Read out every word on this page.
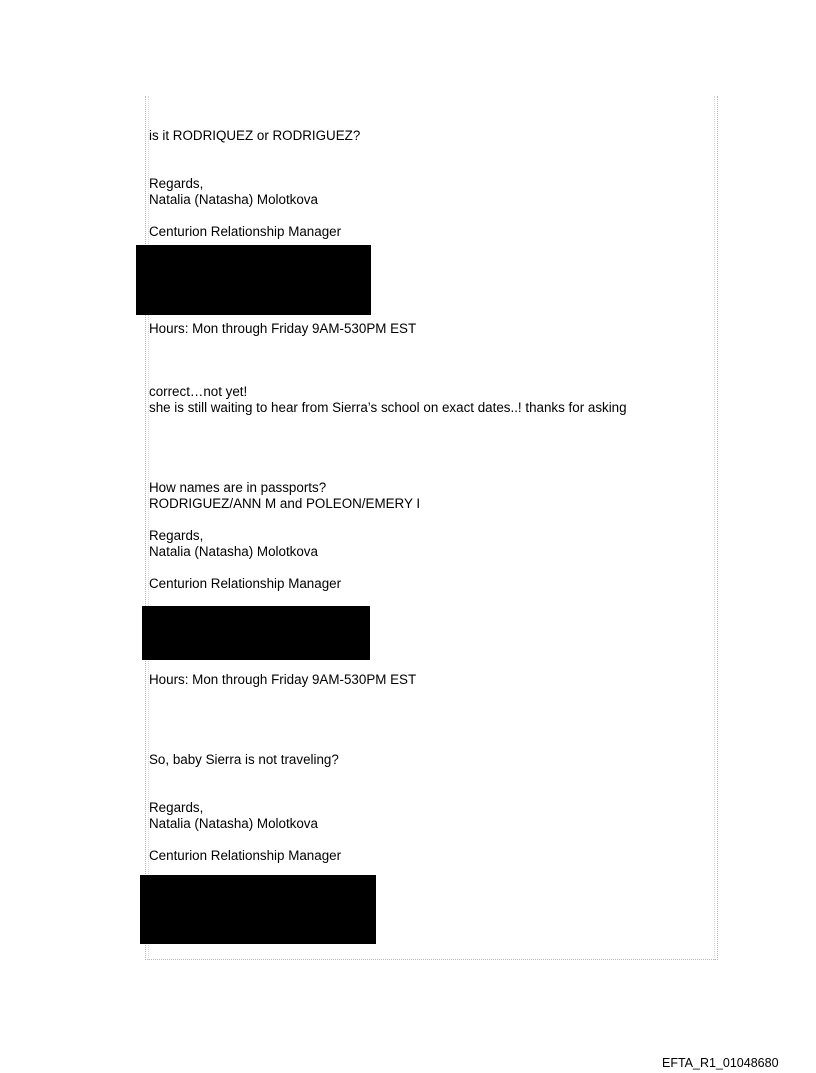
is it RODRIQUEZ or RODRIGUEZ?
Regards,
Natalia (Natasha) Molotkova
Centurion Relationship Manager
Hours: Mon through Friday 9AM-530PM EST
correct…not yet!
she is still waiting to hear from Sierra’s school on exact dates..! thanks for asking
How names are in passports?
RODRIGUEZ/ANN M and POLEON/EMERY I
Regards,
Natalia (Natasha) Molotkova
Centurion Relationship Manager
Hours: Mon through Friday 9AM-530PM EST
So, baby Sierra is not traveling?
Regards,
Natalia (Natasha) Molotkova
Centurion Relationship Manager
EFTA_R1_01048680
